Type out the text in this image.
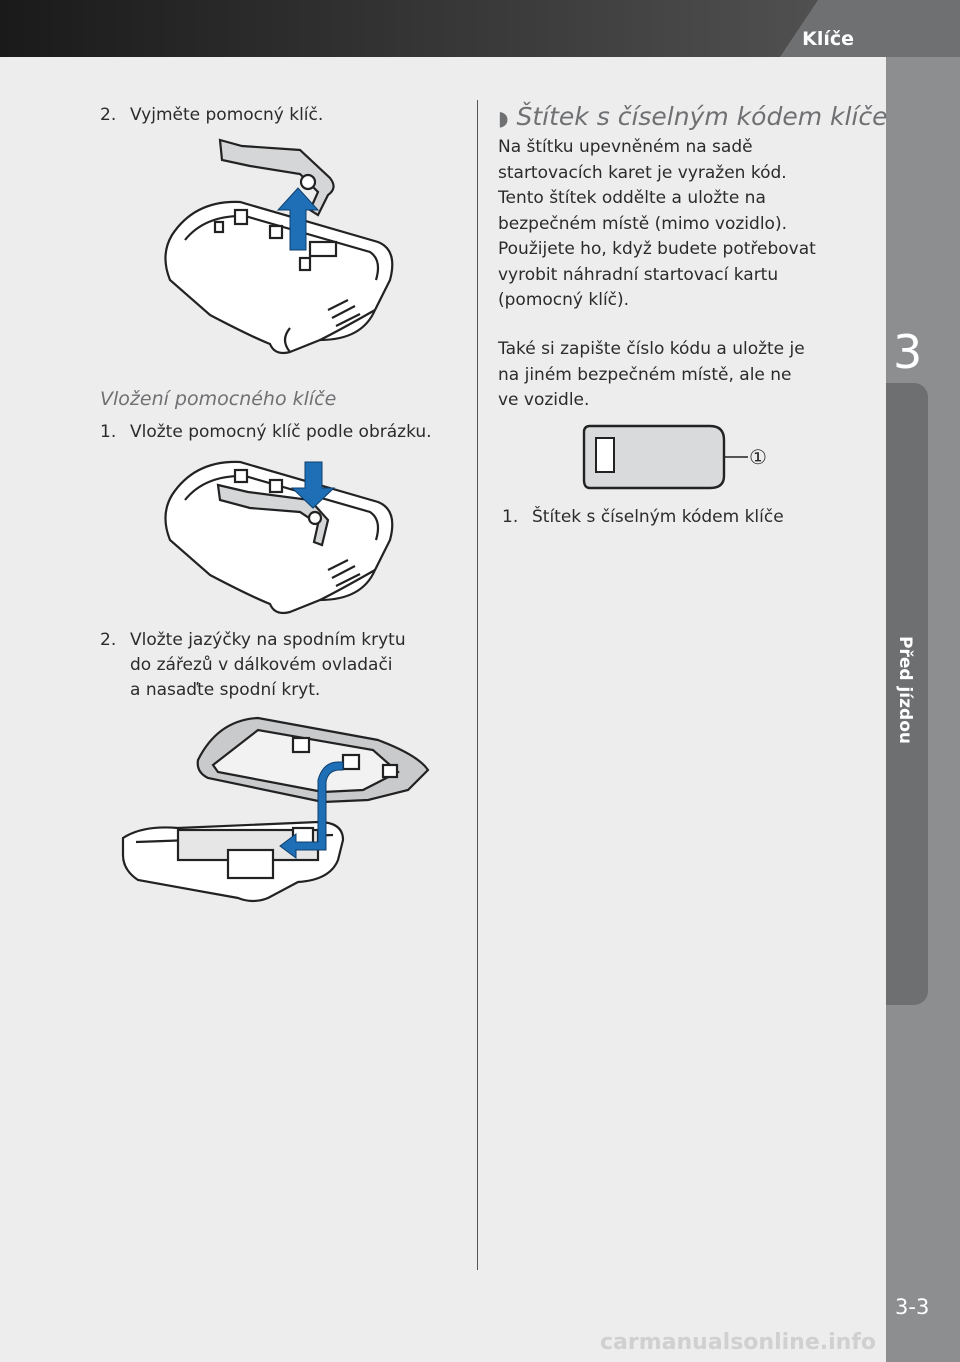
Klíče
3
Před jízdou
3-3
2. Vyjměte pomocný klíč.
Vložení pomocného klíče
1. Vložte pomocný klíč podle obrázku.
2. Vložte jazýčky na spodním krytu
do zářezů v dálkovém ovladači
a nasaďte spodní kryt.
◗ Štítek s číselným kódem klíče

Na štítku upevněném na sadě
startovacích karet je vyražen kód.
Tento štítek oddělte a uložte na
bezpečném místě (mimo vozidlo).
Použijete ho, když budete potřebovat
vyrobit náhradní startovací kartu
(pomocný klíč).

Také si zapište číslo kódu a uložte je
na jiném bezpečném místě, ale ne
ve vozidle.

①
1. Štítek s číselným kódem klíče
carmanualsonline.info
